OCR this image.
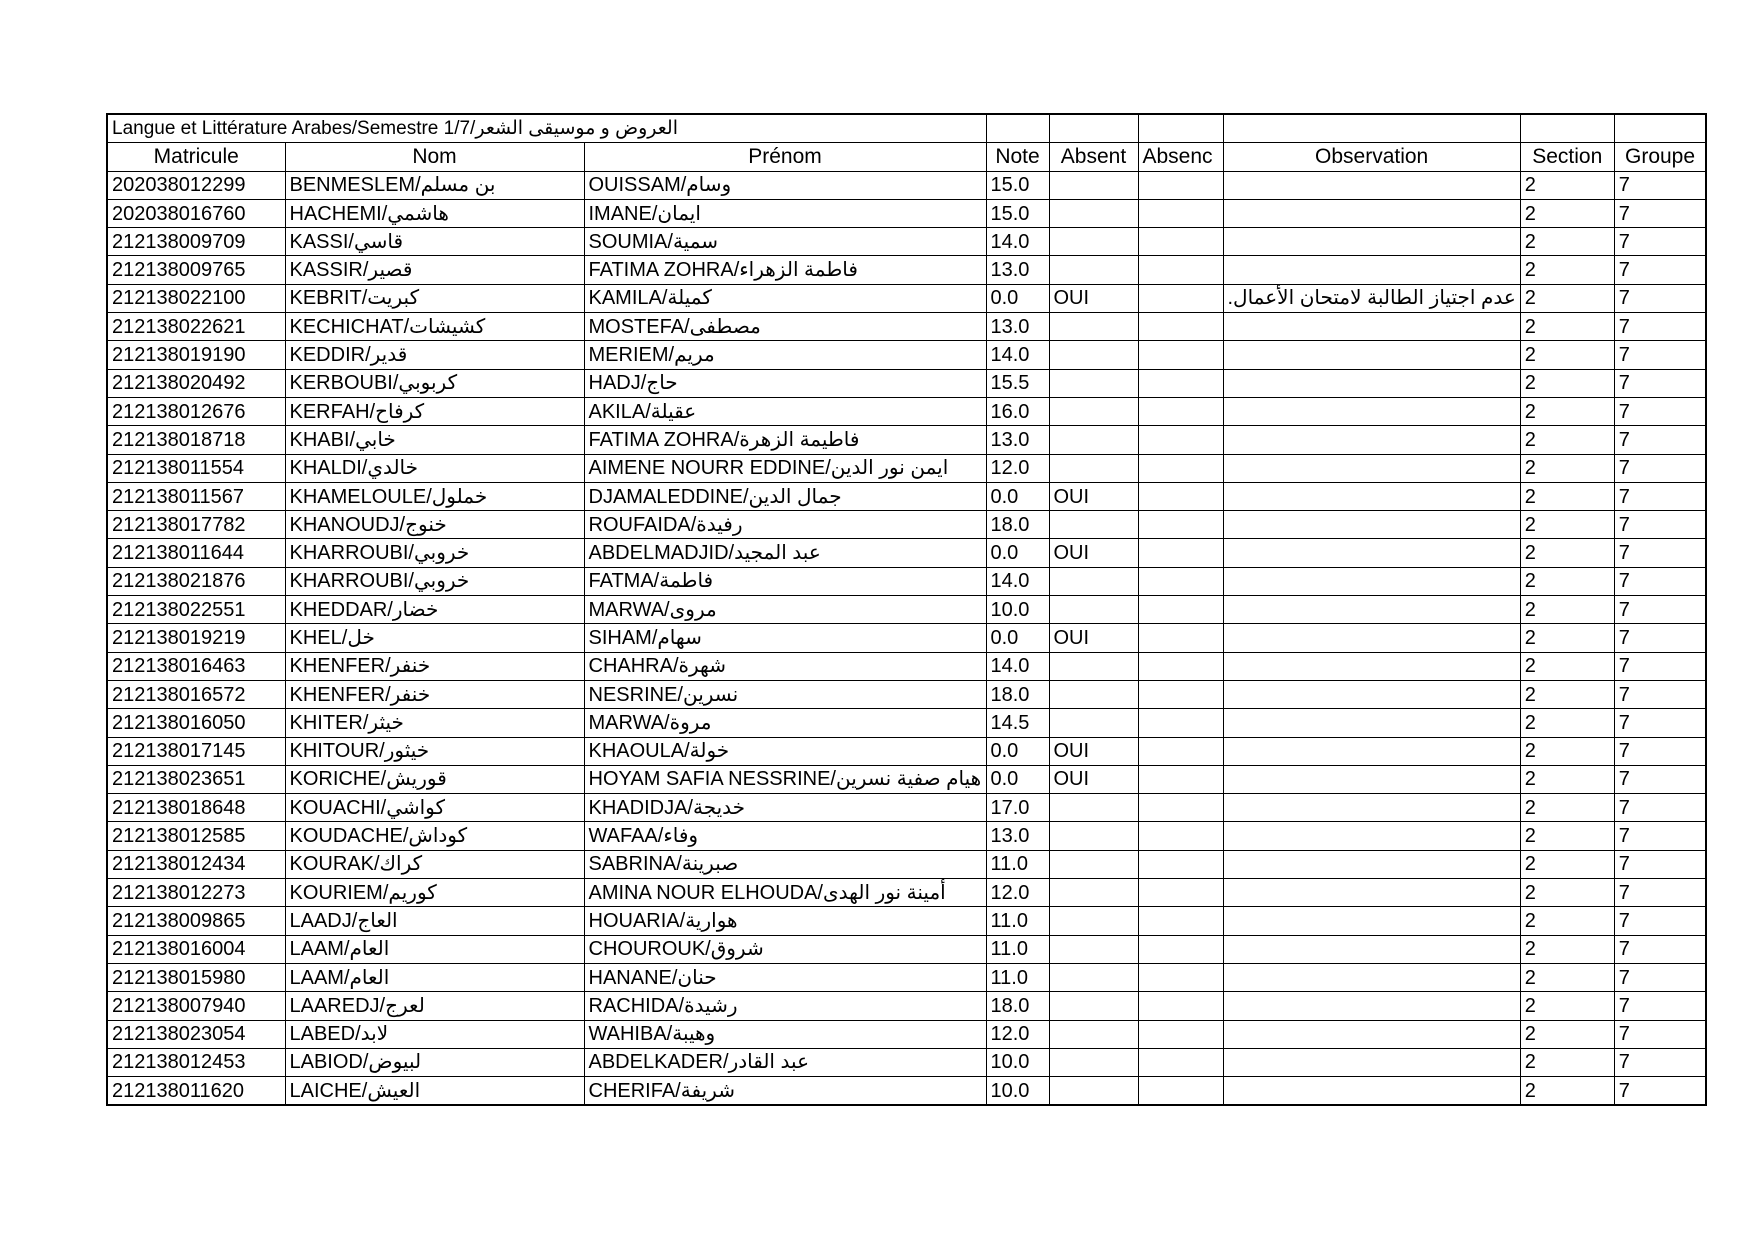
Langue et Littérature Arabes/Semestre 1/7/العروض و موسيقى الشعر								
Matricule	Nom	Prénom	Note	Absent	Absenc	Observation	Section	Groupe
202038012299	BENMESLEM/بن مسلم	OUISSAM/وسام	15.0				2	7
202038016760	HACHEMI/هاشمي	IMANE/ايمان	15.0				2	7
212138009709	KASSI/قاسي	SOUMIA/سمية	14.0				2	7
212138009765	KASSIR/قصير	FATIMA ZOHRA/فاطمة الزهراء	13.0				2	7
212138022100	KEBRIT/كبريت	KAMILA/كميلة	0.0	OUI		عدم اجتياز الطالبة لامتحان الأعمال.	2	7
212138022621	KECHICHAT/كشيشات	MOSTEFA/مصطفى	13.0				2	7
212138019190	KEDDIR/قدير	MERIEM/مريم	14.0				2	7
212138020492	KERBOUBI/كربوبي	HADJ/حاج	15.5				2	7
212138012676	KERFAH/كرفاح	AKILA/عقيلة	16.0				2	7
212138018718	KHABI/خابي	FATIMA ZOHRA/فاطيمة الزهرة	13.0				2	7
212138011554	KHALDI/خالدي	AIMENE NOURR EDDINE/ايمن نور الدين	12.0				2	7
212138011567	KHAMELOULE/خملول	DJAMALEDDINE/جمال الدين	0.0	OUI			2	7
212138017782	KHANOUDJ/خنوج	ROUFAIDA/رفيدة	18.0				2	7
212138011644	KHARROUBI/خروبي	ABDELMADJID/عبد المجيد	0.0	OUI			2	7
212138021876	KHARROUBI/خروبي	FATMA/فاطمة	14.0				2	7
212138022551	KHEDDAR/خضار	MARWA/مروى	10.0				2	7
212138019219	KHEL/خل	SIHAM/سهام	0.0	OUI			2	7
212138016463	KHENFER/خنفر	CHAHRA/شهرة	14.0				2	7
212138016572	KHENFER/خنفر	NESRINE/نسرين	18.0				2	7
212138016050	KHITER/خيثر	MARWA/مروة	14.5				2	7
212138017145	KHITOUR/خيثور	KHAOULA/خولة	0.0	OUI			2	7
212138023651	KORICHE/قوريش	HOYAM SAFIA NESSRINE/هيام صفية نسرين	0.0	OUI			2	7
212138018648	KOUACHI/كواشي	KHADIDJA/خديجة	17.0				2	7
212138012585	KOUDACHE/كوداش	WAFAA/وفاء	13.0				2	7
212138012434	KOURAK/كراك	SABRINA/صبرينة	11.0				2	7
212138012273	KOURIEM/كوريم	AMINA NOUR ELHOUDA/أمينة نور الهدى	12.0				2	7
212138009865	LAADJ/العاج	HOUARIA/هوارية	11.0				2	7
212138016004	LAAM/العام	CHOUROUK/شروق	11.0				2	7
212138015980	LAAM/العام	HANANE/حنان	11.0				2	7
212138007940	LAAREDJ/لعرج	RACHIDA/رشيدة	18.0				2	7
212138023054	LABED/لابد	WAHIBA/وهيبة	12.0				2	7
212138012453	LABIOD/لبيوض	ABDELKADER/عبد القادر	10.0				2	7
212138011620	LAICHE/العيش	CHERIFA/شريفة	10.0				2	7
